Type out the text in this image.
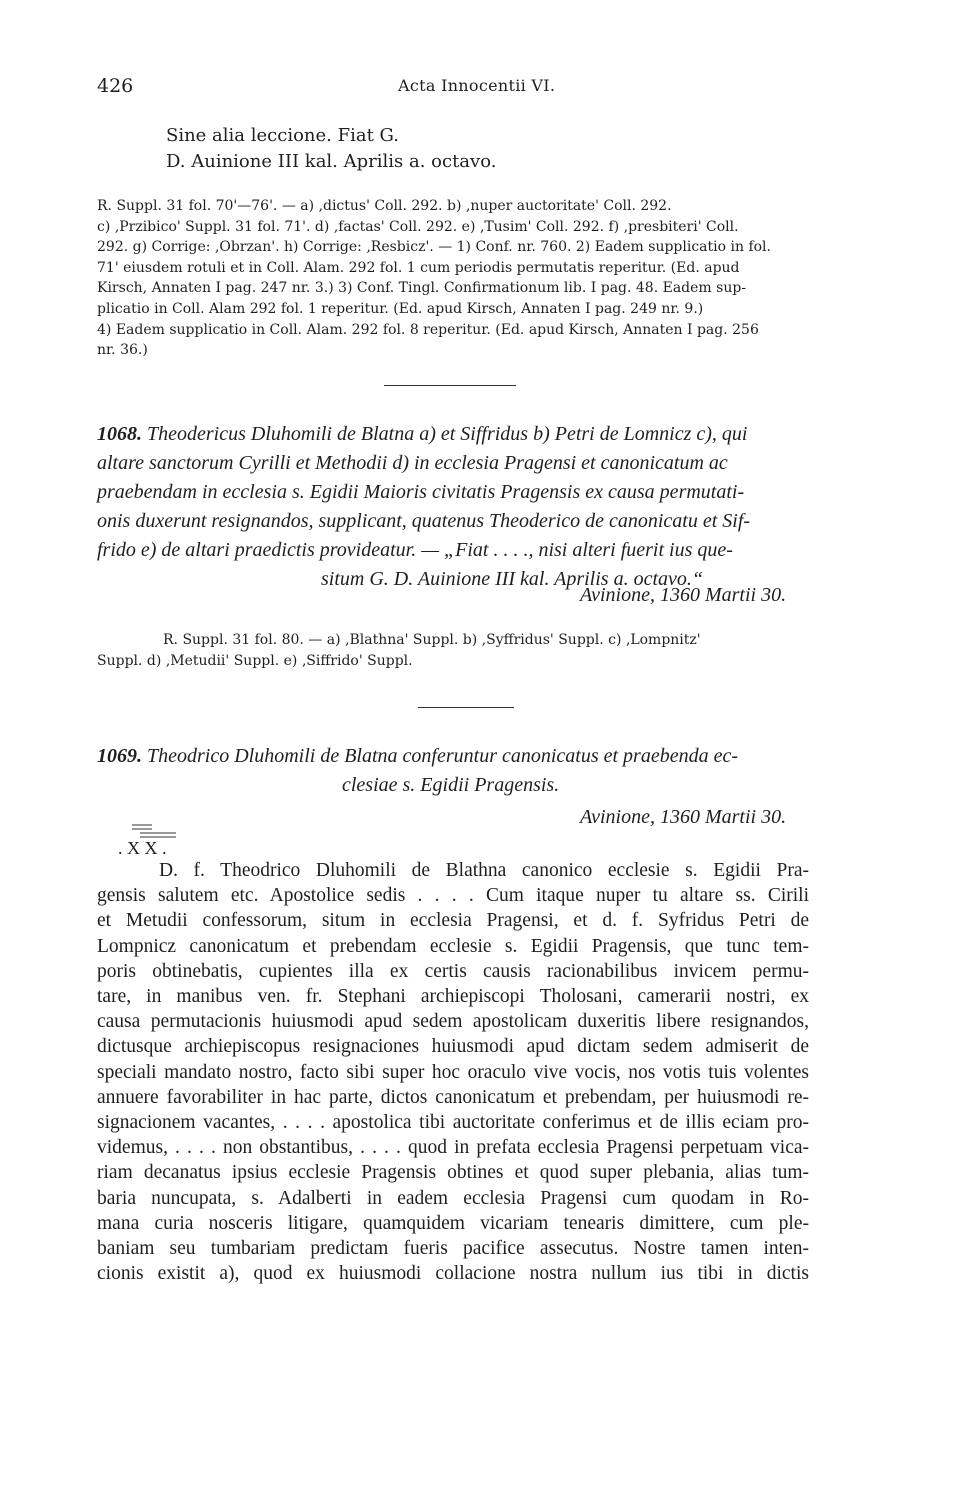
426	Acta Innocentii VI.
Sine alia leccione. Fiat G.
D. Auinione III kal. Aprilis a. octavo.
R. Suppl. 31 fol. 70'—76'. — a) ‚dictus' Coll. 292. b) ‚nuper auctoritate' Coll. 292.
c) ‚Przibico' Suppl. 31 fol. 71'. d) ‚factas' Coll. 292. e) ‚Tusim' Coll. 292. f) ‚presbiteri' Coll.
292. g) Corrige: ‚Obrzan'. h) Corrige: ‚Resbicz'. — 1) Conf. nr. 760. 2) Eadem supplicatio in fol.
71' eiusdem rotuli et in Coll. Alam. 292 fol. 1 cum periodis permutatis reperitur. (Ed. apud
Kirsch, Annaten I pag. 247 nr. 3.) 3) Conf. Tingl. Confirmationum lib. I pag. 48. Eadem sup-
plicatio in Coll. Alam 292 fol. 1 reperitur. (Ed. apud Kirsch, Annaten I pag. 249 nr. 9.)
4) Eadem supplicatio in Coll. Alam. 292 fol. 8 reperitur. (Ed. apud Kirsch, Annaten I pag. 256
nr. 36.)
1068. Theodericus Dluhomili de Blatna a) et Siffridus b) Petri de Lomnicz c), qui
altare sanctorum Cyrilli et Methodii d) in ecclesia Pragensi et canonicatum ac
praebendam in ecclesia s. Egidii Maioris civitatis Pragensis ex causa permutati-
onis duxerunt resignandos, supplicant, quatenus Theoderico de canonicatu et Sif-
frido e) de altari praedictis provideatur. — „Fiat . . . ., nisi alteri fuerit ius que-
situm G. D. Auinione III kal. Aprilis a. octavo.“
Avinione, 1360 Martii 30.
R. Suppl. 31 fol. 80. — a) ‚Blathna' Suppl. b) ‚Syffridus' Suppl. c) ‚Lompnitz'
Suppl. d) ‚Metudii' Suppl. e) ‚Siffrido' Suppl.
1069. Theodrico Dluhomili de Blatna conferuntur canonicatus et praebenda ec-
clesiae s. Egidii Pragensis.
. X X .
Avinione, 1360 Martii 30.
D. f. Theodrico Dluhomili de Blathna canonico ecclesie s. Egidii Pra-
gensis salutem etc. Apostolice sedis . . . . Cum itaque nuper tu altare ss. Cirili
et Metudii confessorum, situm in ecclesia Pragensi, et d. f. Syfridus Petri de
Lompnicz canonicatum et prebendam ecclesie s. Egidii Pragensis, que tunc tem-
poris obtinebatis, cupientes illa ex certis causis racionabilibus invicem permu-
tare, in manibus ven. fr. Stephani archiepiscopi Tholosani, camerarii nostri, ex
causa permutacionis huiusmodi apud sedem apostolicam duxeritis libere resignandos,
dictusque archiepiscopus resignaciones huiusmodi apud dictam sedem admiserit de
speciali mandato nostro, facto sibi super hoc oraculo vive vocis, nos votis tuis volentes
annuere favorabiliter in hac parte, dictos canonicatum et prebendam, per huiusmodi re-
signacionem vacantes, . . . . apostolica tibi auctoritate conferimus et de illis eciam pro-
videmus, . . . . non obstantibus, . . . . quod in prefata ecclesia Pragensi perpetuam vica-
riam decanatus ipsius ecclesie Pragensis obtines et quod super plebania, alias tum-
baria nuncupata, s. Adalberti in eadem ecclesia Pragensi cum quodam in Ro-
mana curia nosceris litigare, quamquidem vicariam tenearis dimittere, cum ple-
baniam seu tumbariam predictam fueris pacifice assecutus. Nostre tamen inten-
cionis existit a), quod ex huiusmodi collacione nostra nullum ius tibi in dictis
